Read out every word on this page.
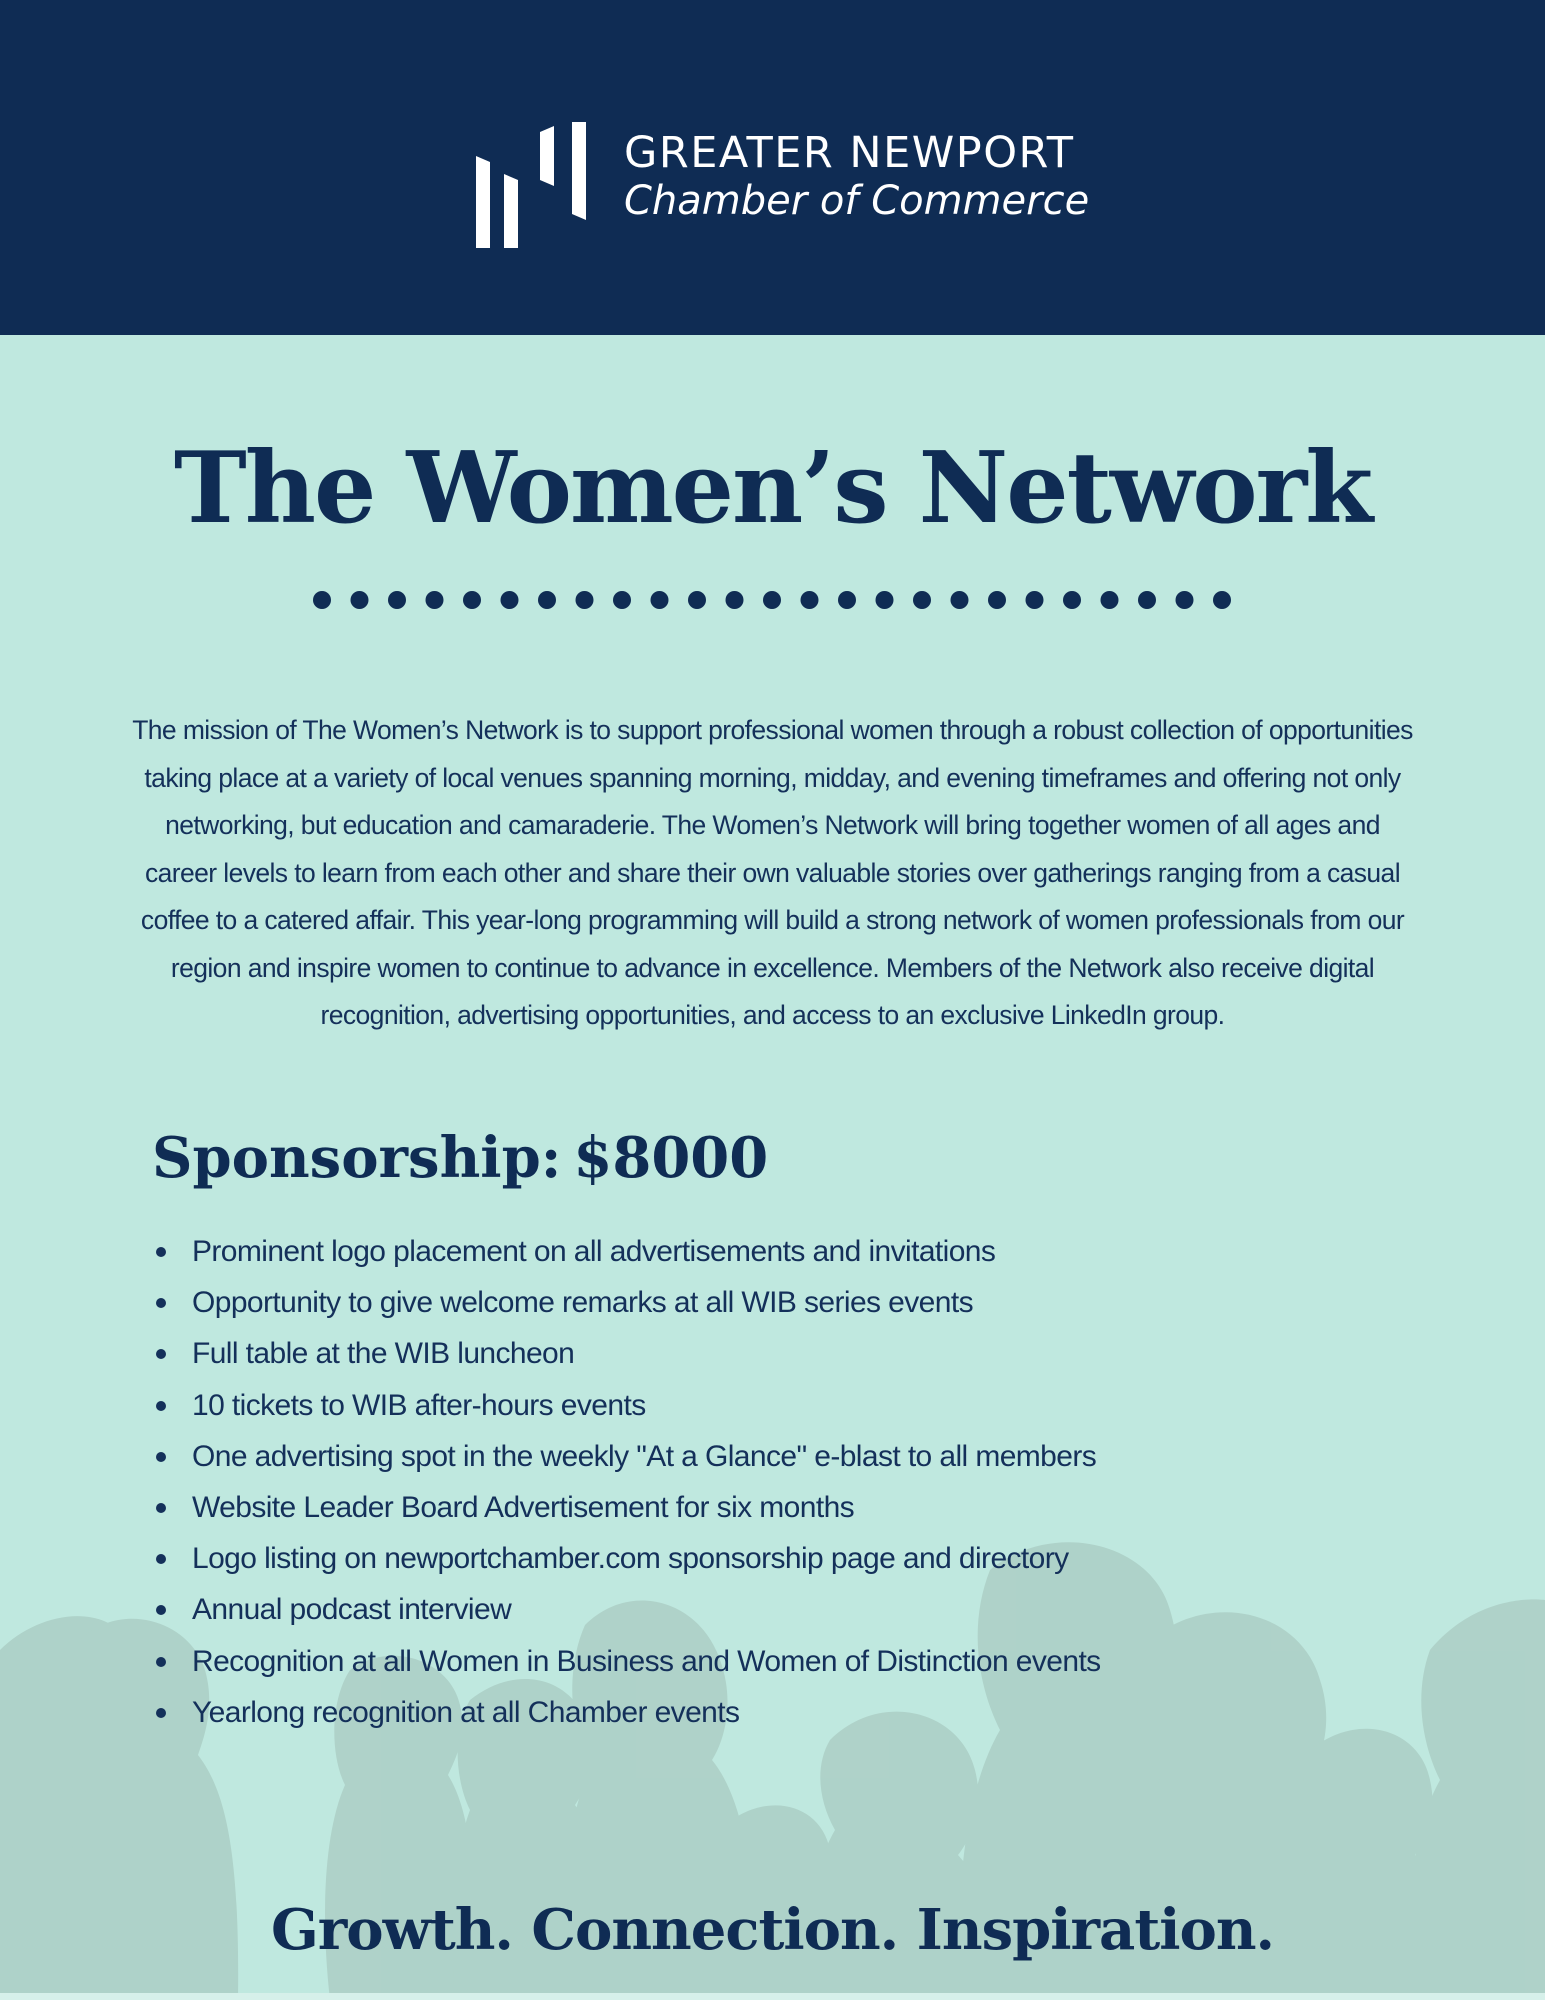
GREATER NEWPORT
Chamber of Commerce
The Women’s Network
The mission of The Women’s Network is to support professional women through a robust collection of opportunities taking place at a variety of local venues spanning morning, midday, and evening timeframes and offering not only networking, but education and camaraderie. The Women’s Network will bring together women of all ages and career levels to learn from each other and share their own valuable stories over gatherings ranging from a casual coffee to a catered affair. This year-long programming will build a strong network of women professionals from our region and inspire women to continue to advance in excellence. Members of the Network also receive digital recognition, advertising opportunities, and access to an exclusive LinkedIn group.
Sponsorship: $8000
Prominent logo placement on all advertisements and invitations
Opportunity to give welcome remarks at all WIB series events
Full table at the WIB luncheon
10 tickets to WIB after-hours events
One advertising spot in the weekly "At a Glance" e-blast to all members
Website Leader Board Advertisement for six months
Logo listing on newportchamber.com sponsorship page and directory
Annual podcast interview
Recognition at all Women in Business and Women of Distinction events
Yearlong recognition at all Chamber events
Growth. Connection. Inspiration.
